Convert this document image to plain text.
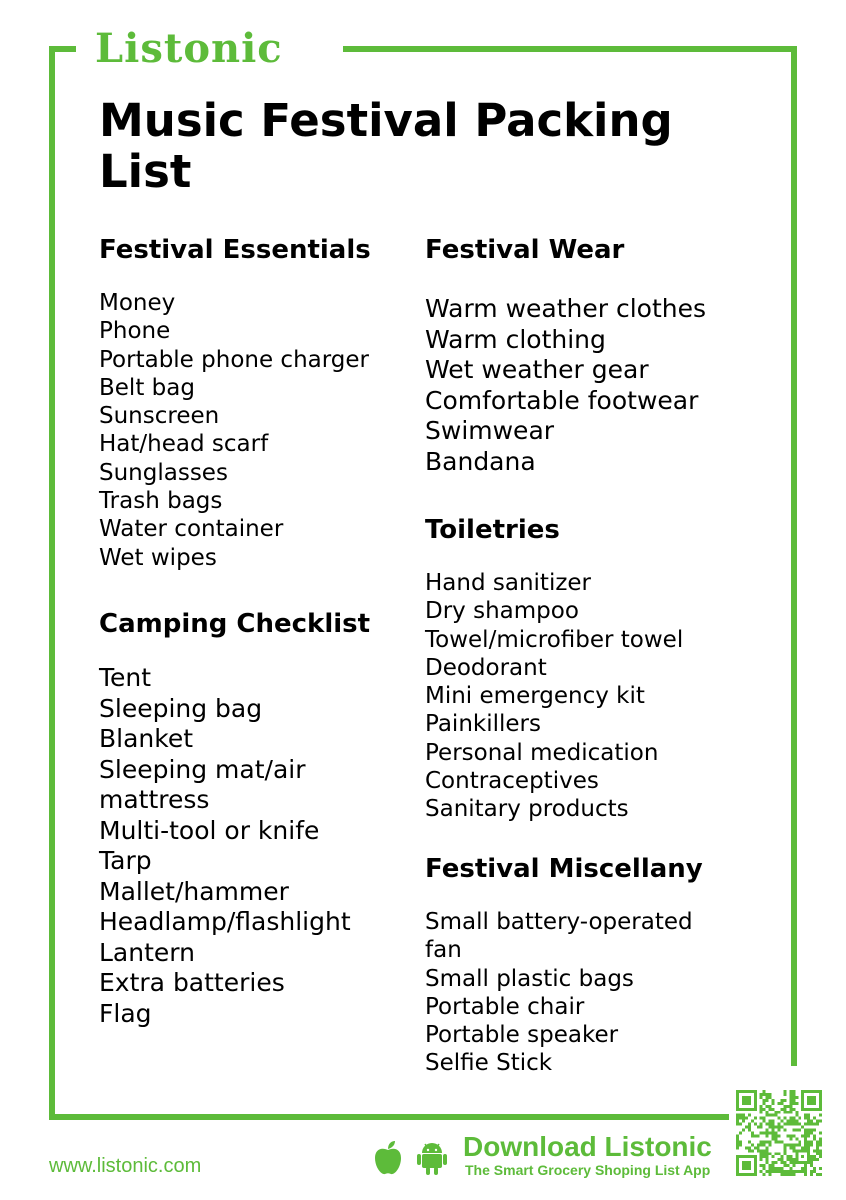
Listonic
Music Festival Packing List
Festival Essentials
Money
Phone
Portable phone charger
Belt bag
Sunscreen
Hat/head scarf
Sunglasses
Trash bags
Water container
Wet wipes
Camping Checklist
Tent
Sleeping bag
Blanket
Sleeping mat/air mattress
Multi-tool or knife
Tarp
Mallet/hammer
Headlamp/flashlight
Lantern
Extra batteries
Flag
Festival Wear
Warm weather clothes
Warm clothing
Wet weather gear
Comfortable footwear
Swimwear
Bandana
Toiletries
Hand sanitizer
Dry shampoo
Towel/microfiber towel
Deodorant
Mini emergency kit
Painkillers
Personal medication
Contraceptives
Sanitary products
Festival Miscellany
Small battery-operated fan
Small plastic bags
Portable chair
Portable speaker
Selfie Stick
www.listonic.com
Download Listonic
The Smart Grocery Shoping List App
